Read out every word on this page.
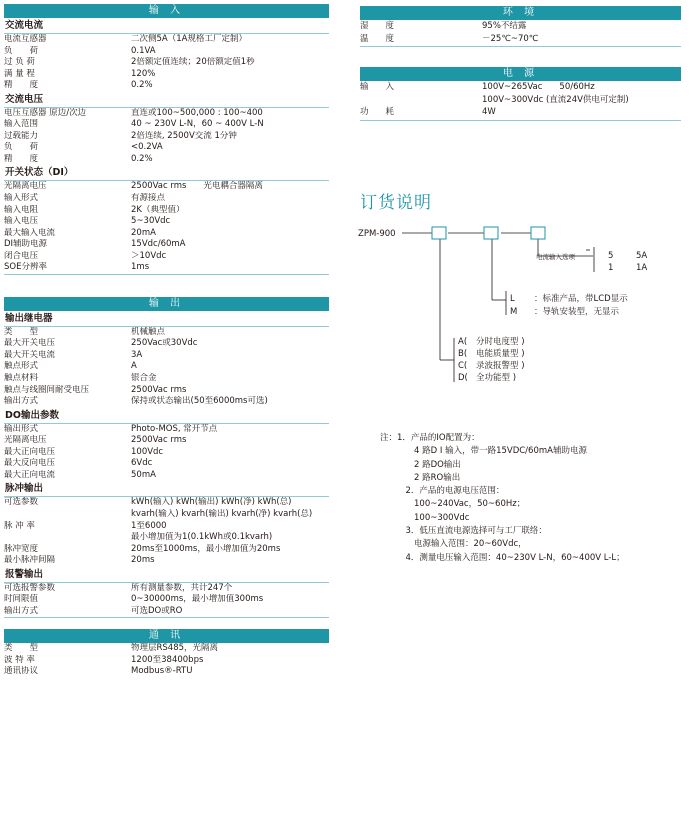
输 入
交流电流
电流互感器	二次侧5A（1A规格工厂定制）
负　　荷	0.1VA
过 负 荷	2倍额定值连续；20倍额定值1秒
满 量 程	120%
精　　度	0.2%
交流电压
电压互感器 原边/次边	直连或100~500,000 : 100~400
输入范围	40 ~ 230V L-N，60 ~ 400V L-N
过载能力	2倍连续, 2500V交流 1分钟
负　　荷	<0.2VA
精　　度	0.2%
开关状态（DI）
光隔离电压	2500Vac rms　　光电耦合器隔离
输入形式	有源接点
输入电阻	2K（典型值）
输入电压	5~30Vdc
最大输入电流	20mA
DI辅助电源	15Vdc/60mA
闭合电压	＞10Vdc
SOE分辨率	1ms
输 出
输出继电器
类　　型	机械触点
最大开关电压	250Vac或30Vdc
最大开关电流	3A
触点形式	A
触点材料	银合金
触点与线圈间耐受电压	2500Vac rms
输出方式	保持或状态输出(50至6000ms可选)
DO输出参数
输出形式	Photo-MOS, 常开节点
光隔离电压	2500Vac rms
最大正向电压	100Vdc
最大反向电压	6Vdc
最大正向电流	50mA
脉冲输出
可选参数	kWh(输入) kWh(输出) kWh(净) kWh(总)
kvarh(输入) kvarh(输出) kvarh(净) kvarh(总)
脉 冲 率	1至6000
最小增加值为1(0.1kWh或0.1kvarh)
脉冲宽度	20ms至1000ms，最小增加值为20ms
最小脉冲间隔	20ms
报警输出
可选报警参数	所有测量参数，共计247个
时间限值	0~30000ms，最小增加值300ms
输出方式	可选DO或RO
通 讯
类　　型	物理层RS485，光隔离
波 特 率	1200至38400bps
通讯协议	Modbus®-RTU
环 境
湿　　度	95%不结露
温　　度	－25℃~70℃
电 源
输　　入	100V~265Vac　　50/60Hz
100V~300Vdc (直流24V供电可定制)
功　　耗	4W
订货说明
ZPM-900
电流输入选项	5	5A
1	1A
L ：标准产品，带LCD显示
M ：导轨安装型，无显示
A( 分时电度型 )
B( 电能质量型 )
C( 录波报警型 )
D( 全功能型 )
注：1．产品的IO配置为：
　　　　4 路D I 输入，带一路15VDC/60mA辅助电源
　　　　2 路DO输出
　　　　2 路RO输出
　　　2．产品的电源电压范围：
　　　　100~240Vac，50~60Hz；
　　　　100~300Vdc
　　　3．低压直流电源选择可与工厂联络：
　　　　电源输入范围：20~60Vdc，
　　　4．测量电压输入范围：40~230V L-N，60~400V L-L；
